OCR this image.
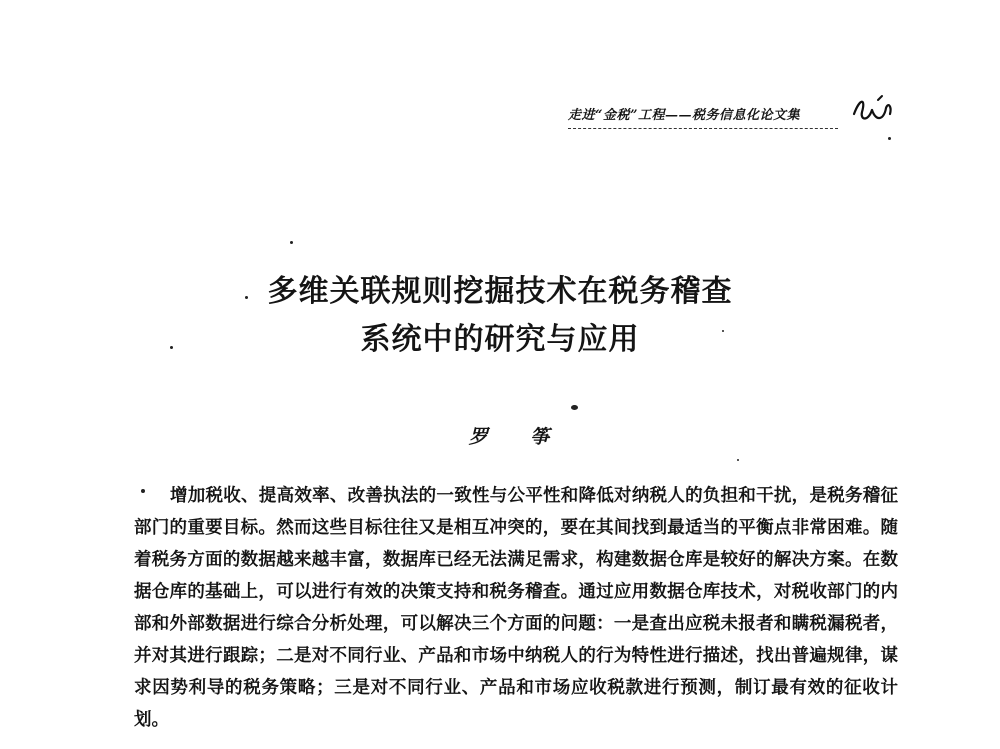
走进“金税”工程——税务信息化论文集
多维关联规则挖掘技术在税务稽查
系统中的研究与应用
罗 筝

增加税收、提高效率、改善执法的一致性与公平性和降低对纳税人的负担和干扰，是税务稽征部门的重要目标。然而这些目标往往又是相互冲突的，要在其间找到最适当的平衡点非常困难。随着税务方面的数据越来越丰富，数据库已经无法满足需求，构建数据仓库是较好的解决方案。在数据仓库的基础上，可以进行有效的决策支持和税务稽查。通过应用数据仓库技术，对税收部门的内部和外部数据进行综合分析处理，可以解决三个方面的问题：一是查出应税未报者和瞒税漏税者，并对其进行跟踪；二是对不同行业、产品和市场中纳税人的行为特性进行描述，找出普遍规律，谋求因势利导的税务策略；三是对不同行业、产品和市场应收税款进行预测，制订最有效的征收计划。
